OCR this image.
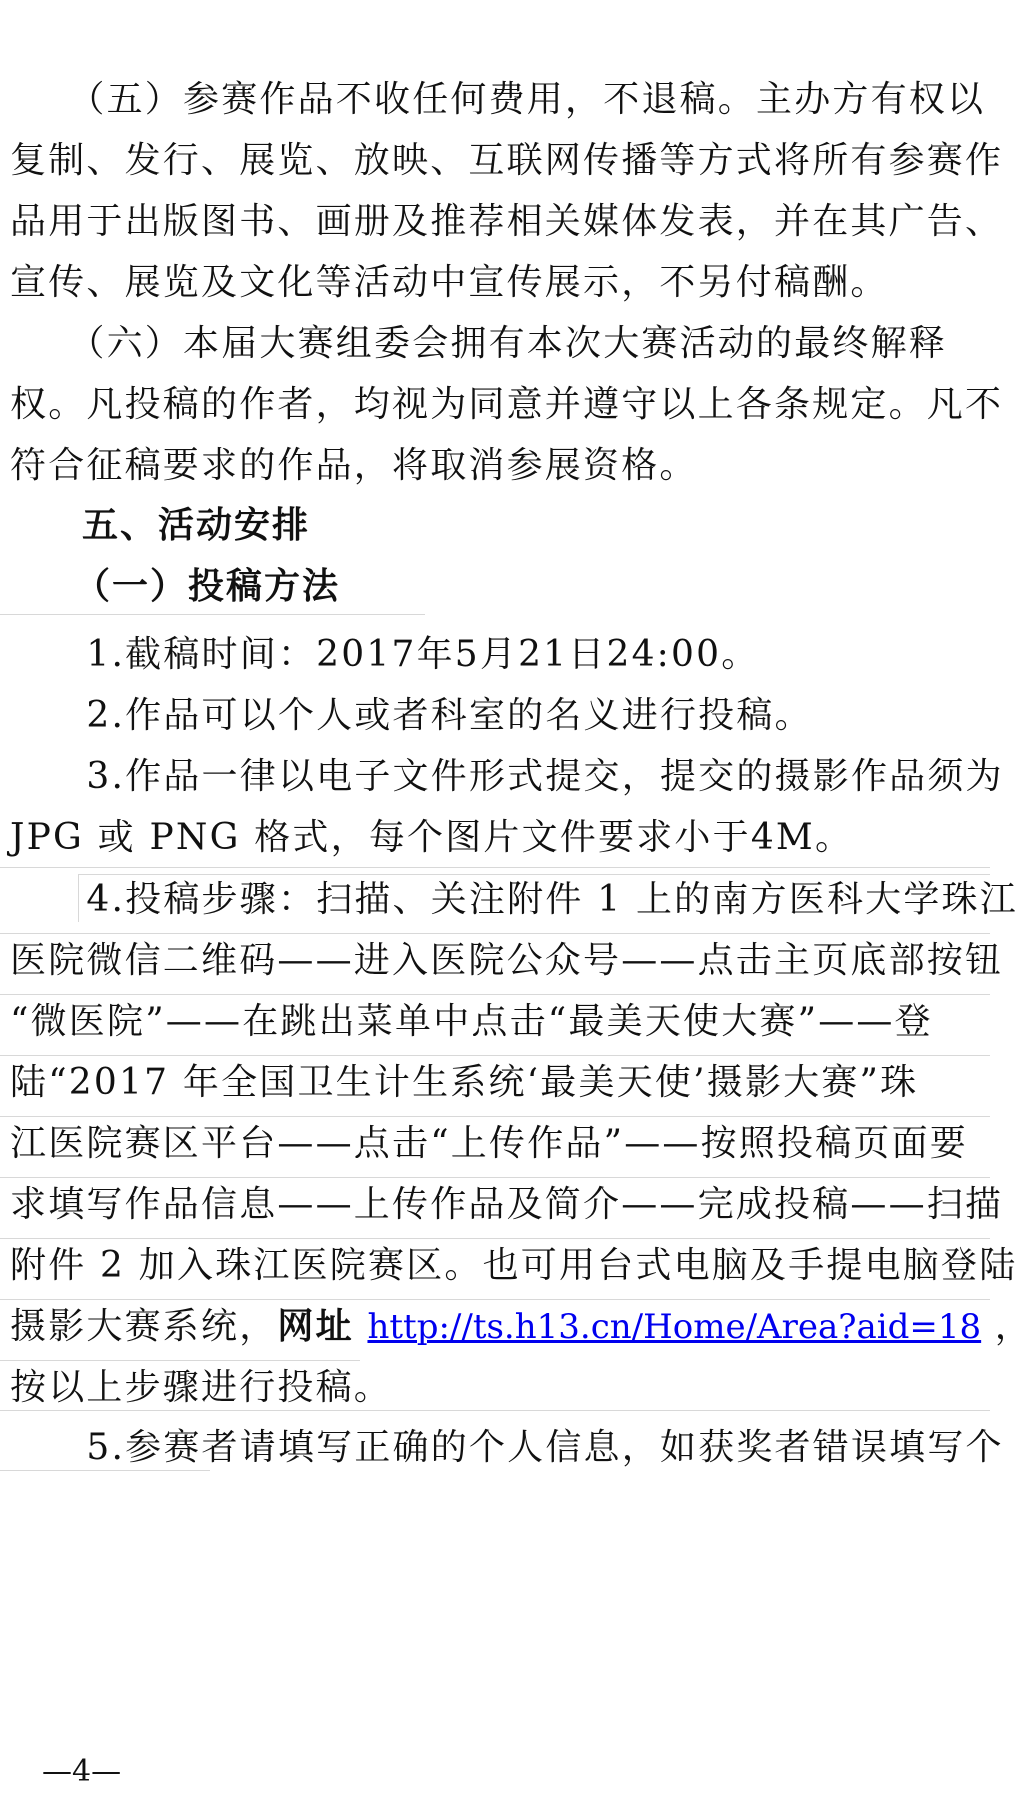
　　（五）参赛作品不收任何费用，不退稿。主办方有权以
复制、发行、展览、放映、互联网传播等方式将所有参赛作
品用于出版图书、画册及推荐相关媒体发表，并在其广告、
宣传、展览及文化等活动中宣传展示，不另付稿酬。
　　（六）本届大赛组委会拥有本次大赛活动的最终解释
权。凡投稿的作者，均视为同意并遵守以上各条规定。凡不
符合征稿要求的作品，将取消参展资格。
五、活动安排
（一）投稿方法
　　1.截稿时间：2017年5月21日24:00。
　　2.作品可以个人或者科室的名义进行投稿。
　　3.作品一律以电子文件形式提交，提交的摄影作品须为
JPG 或 PNG 格式，每个图片文件要求小于4M。
　　4.投稿步骤：扫描、关注附件 1 上的南方医科大学珠江
医院微信二维码——进入医院公众号——点击主页底部按钮
“微医院”——在跳出菜单中点击“最美天使大赛”——登
陆“2017 年全国卫生计生系统‘最美天使’摄影大赛”珠
江医院赛区平台——点击“上传作品”——按照投稿页面要
求填写作品信息——上传作品及简介——完成投稿——扫描
附件 2 加入珠江医院赛区。也可用台式电脑及手提电脑登陆
摄影大赛系统，网址 http://ts.h13.cn/Home/Area?aid=18 ，
按以上步骤进行投稿。
　　5.参赛者请填写正确的个人信息，如获奖者错误填写个
—4—
